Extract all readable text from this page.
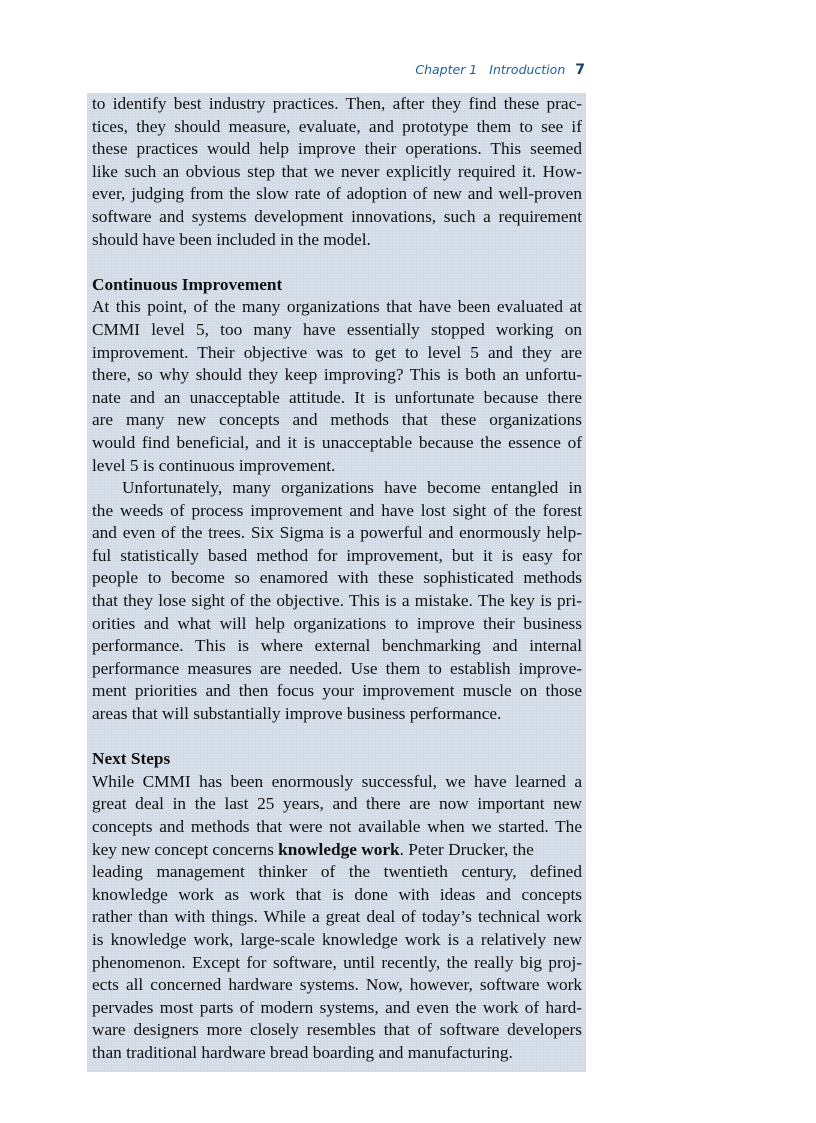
Chapter 1 Introduction 7
to identify best industry practices. Then, after they find these prac-
tices, they should measure, evaluate, and prototype them to see if
these practices would help improve their operations. This seemed
like such an obvious step that we never explicitly required it. How-
ever, judging from the slow rate of adoption of new and well-proven
software and systems development innovations, such a requirement
should have been included in the model.
Continuous Improvement
At this point, of the many organizations that have been evaluated at
CMMI level 5, too many have essentially stopped working on
improvement. Their objective was to get to level 5 and they are
there, so why should they keep improving? This is both an unfortu-
nate and an unacceptable attitude. It is unfortunate because there
are many new concepts and methods that these organizations
would find beneficial, and it is unacceptable because the essence of
level 5 is continuous improvement.
Unfortunately, many organizations have become entangled in
the weeds of process improvement and have lost sight of the forest
and even of the trees. Six Sigma is a powerful and enormously help-
ful statistically based method for improvement, but it is easy for
people to become so enamored with these sophisticated methods
that they lose sight of the objective. This is a mistake. The key is pri-
orities and what will help organizations to improve their business
performance. This is where external benchmarking and internal
performance measures are needed. Use them to establish improve-
ment priorities and then focus your improvement muscle on those
areas that will substantially improve business performance.
Next Steps
While CMMI has been enormously successful, we have learned a
great deal in the last 25 years, and there are now important new
concepts and methods that were not available when we started. The
key new concept concerns knowledge work. Peter Drucker, the
leading management thinker of the twentieth century, defined
knowledge work as work that is done with ideas and concepts
rather than with things. While a great deal of today’s technical work
is knowledge work, large-scale knowledge work is a relatively new
phenomenon. Except for software, until recently, the really big proj-
ects all concerned hardware systems. Now, however, software work
pervades most parts of modern systems, and even the work of hard-
ware designers more closely resembles that of software developers
than traditional hardware bread boarding and manufacturing.
